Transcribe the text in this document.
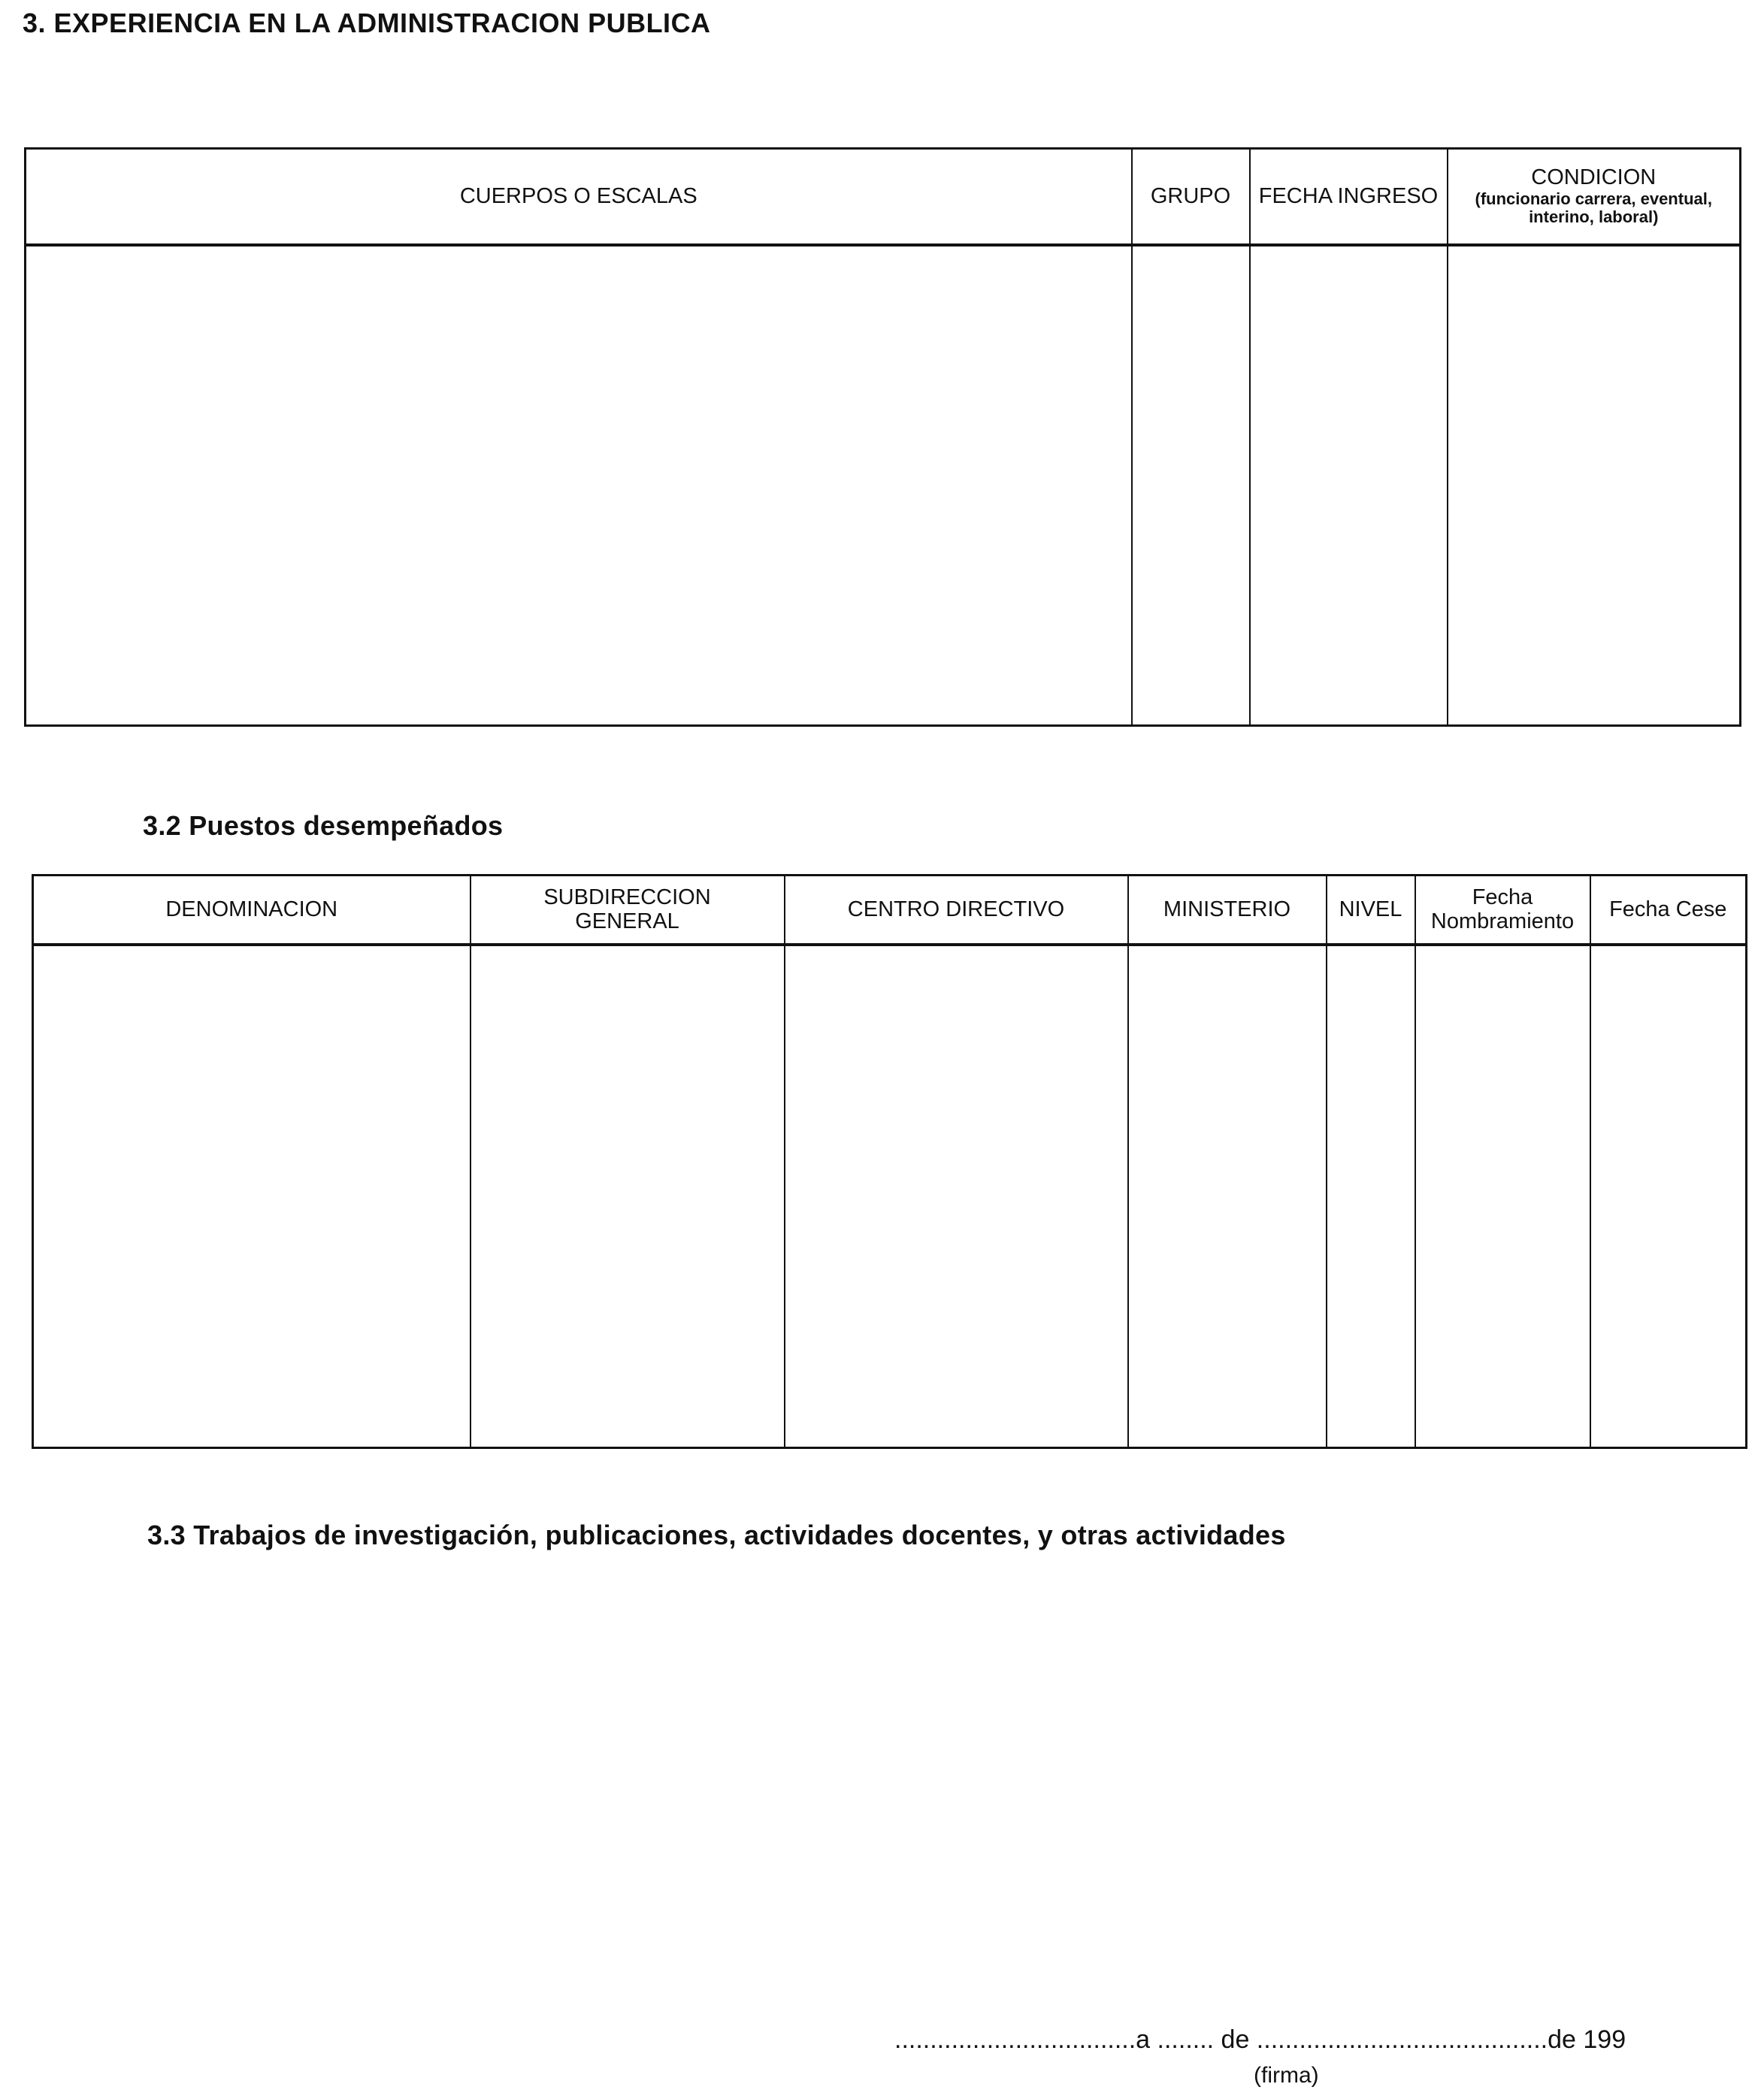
3. EXPERIENCIA EN LA ADMINISTRACION PUBLICA
CUERPOS O ESCALAS	GRUPO	FECHA INGRESO	CONDICION
(funcionario carrera, eventual, interino, laboral)

3.2 Puestos desempeñados
DENOMINACION	SUBDIRECCION GENERAL	CENTRO DIRECTIVO	MINISTERIO	NIVEL	Fecha Nombramiento	Fecha Cese

3.3 Trabajos de investigación, publicaciones, actividades docentes, y otras actividades
..................................a ........ de .........................................de 199
(firma)
